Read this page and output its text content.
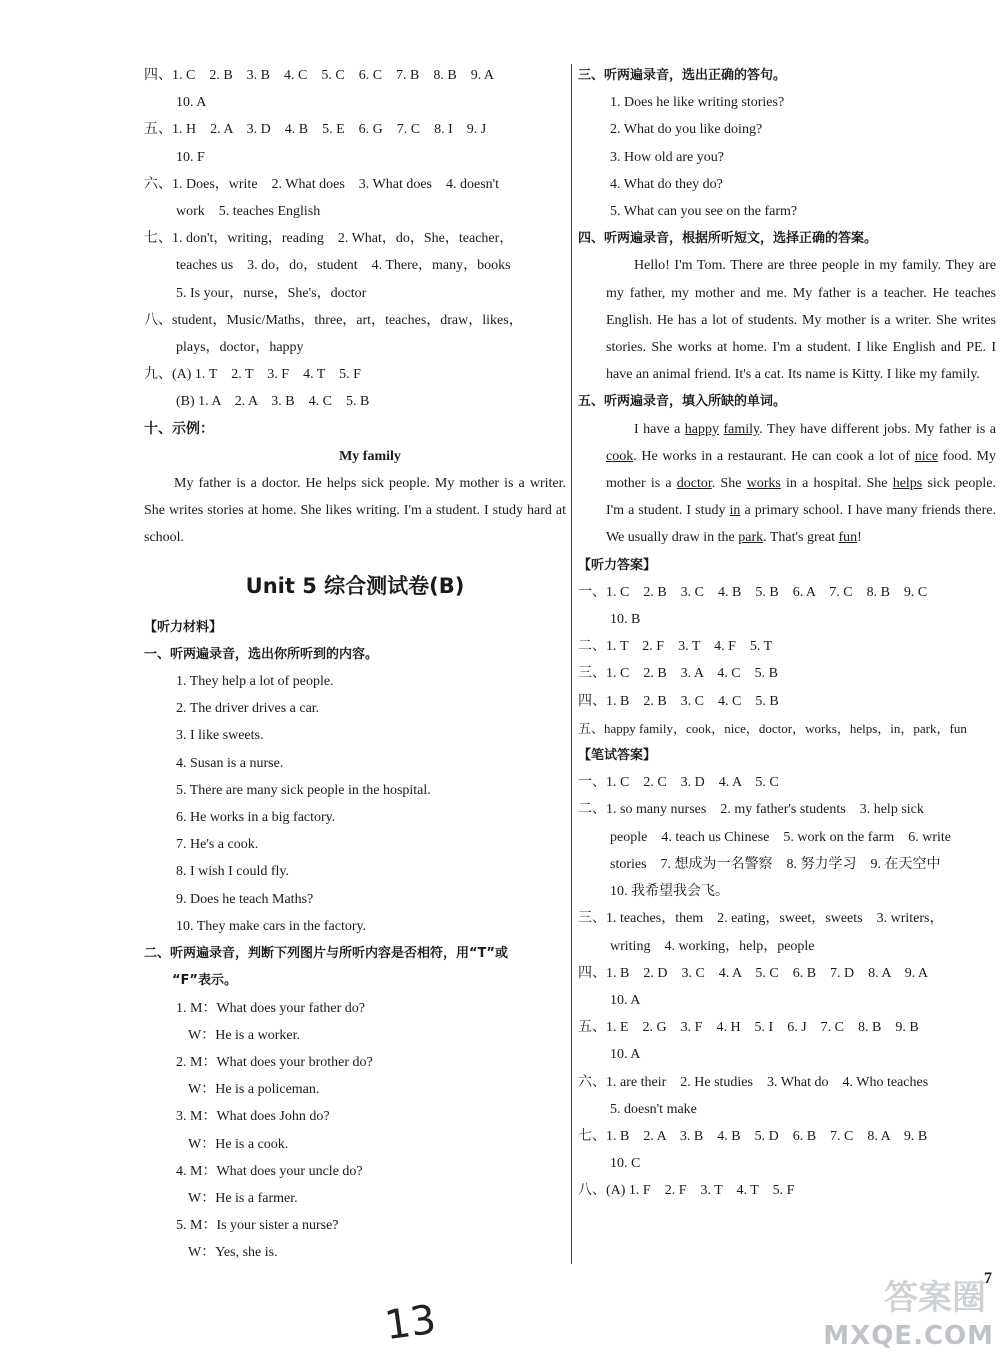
四、1. C　2. B　3. B　4. C　5. C　6. C　7. B　8. B　9. A
10. A
五、1. H　2. A　3. D　4. B　5. E　6. G　7. C　8. I　9. J
10. F
六、1. Does，write　2. What does　3. What does　4. doesn't
work　5. teaches English
七、1. don't，writing，reading　2. What，do，She，teacher，
teaches us　3. do，do，student　4. There，many，books
5. Is your，nurse，She's，doctor
八、student，Music/Maths，three，art，teaches，draw，likes，
plays，doctor，happy
九、(A) 1. T　2. T　3. F　4. T　5. F
(B) 1. A　2. A　3. B　4. C　5. B
十、示例：
My family
My father is a doctor. He helps sick people. My mother is a writer. She writes stories at home. She likes writing. I'm a student. I study hard at school.
Unit 5 综合测试卷(B)
【听力材料】
一、听两遍录音，选出你所听到的内容。
1. They help a lot of people.
2. The driver drives a car.
3. I like sweets.
4. Susan is a nurse.
5. There are many sick people in the hospital.
6. He works in a big factory.
7. He's a cook.
8. I wish I could fly.
9. Does he teach Maths?
10. They make cars in the factory.
二、听两遍录音，判断下列图片与所听内容是否相符，用“T”或
“F”表示。
1. M：What does your father do?
W：He is a worker.
2. M：What does your brother do?
W：He is a policeman.
3. M：What does John do?
W：He is a cook.
4. M：What does your uncle do?
W：He is a farmer.
5. M：Is your sister a nurse?
W：Yes, she is.
三、听两遍录音，选出正确的答句。
1. Does he like writing stories?
2. What do you like doing?
3. How old are you?
4. What do they do?
5. What can you see on the farm?
四、听两遍录音，根据所听短文，选择正确的答案。
Hello! I'm Tom. There are three people in my family. They are my father, my mother and me. My father is a teacher. He teaches English. He has a lot of students. My mother is a writer. She writes stories. She works at home. I'm a student. I like English and PE. I have an animal friend. It's a cat. Its name is Kitty. I like my family.
五、听两遍录音，填入所缺的单词。
I have a happy family. They have different jobs. My father is a cook. He works in a restaurant. He can cook a lot of nice food. My mother is a doctor. She works in a hospital. She helps sick people. I'm a student. I study in a primary school. I have many friends there. We usually draw in the park. That's great fun!
【听力答案】
一、1. C　2. B　3. C　4. B　5. B　6. A　7. C　8. B　9. C
10. B
二、1. T　2. F　3. T　4. F　5. T
三、1. C　2. B　3. A　4. C　5. B
四、1. B　2. B　3. C　4. C　5. B
五、happy family，cook，nice，doctor，works，helps，in，park，fun
【笔试答案】
一、1. C　2. C　3. D　4. A　5. C
二、1. so many nurses　2. my father's students　3. help sick
people　4. teach us Chinese　5. work on the farm　6. write
stories　7. 想成为一名警察　8. 努力学习　9. 在天空中
10. 我希望我会飞。
三、1. teaches，them　2. eating，sweet，sweets　3. writers，
writing　4. working，help，people
四、1. B　2. D　3. C　4. A　5. C　6. B　7. D　8. A　9. A
10. A
五、1. E　2. G　3. F　4. H　5. I　6. J　7. C　8. B　9. B
10. A
六、1. are their　2. He studies　3. What do　4. Who teaches
5. doesn't make
七、1. B　2. A　3. B　4. B　5. D　6. B　7. C　8. A　9. B
10. C
八、(A) 1. F　2. F　3. T　4. T　5. F
7
13	答案圈
MXQE.COM
